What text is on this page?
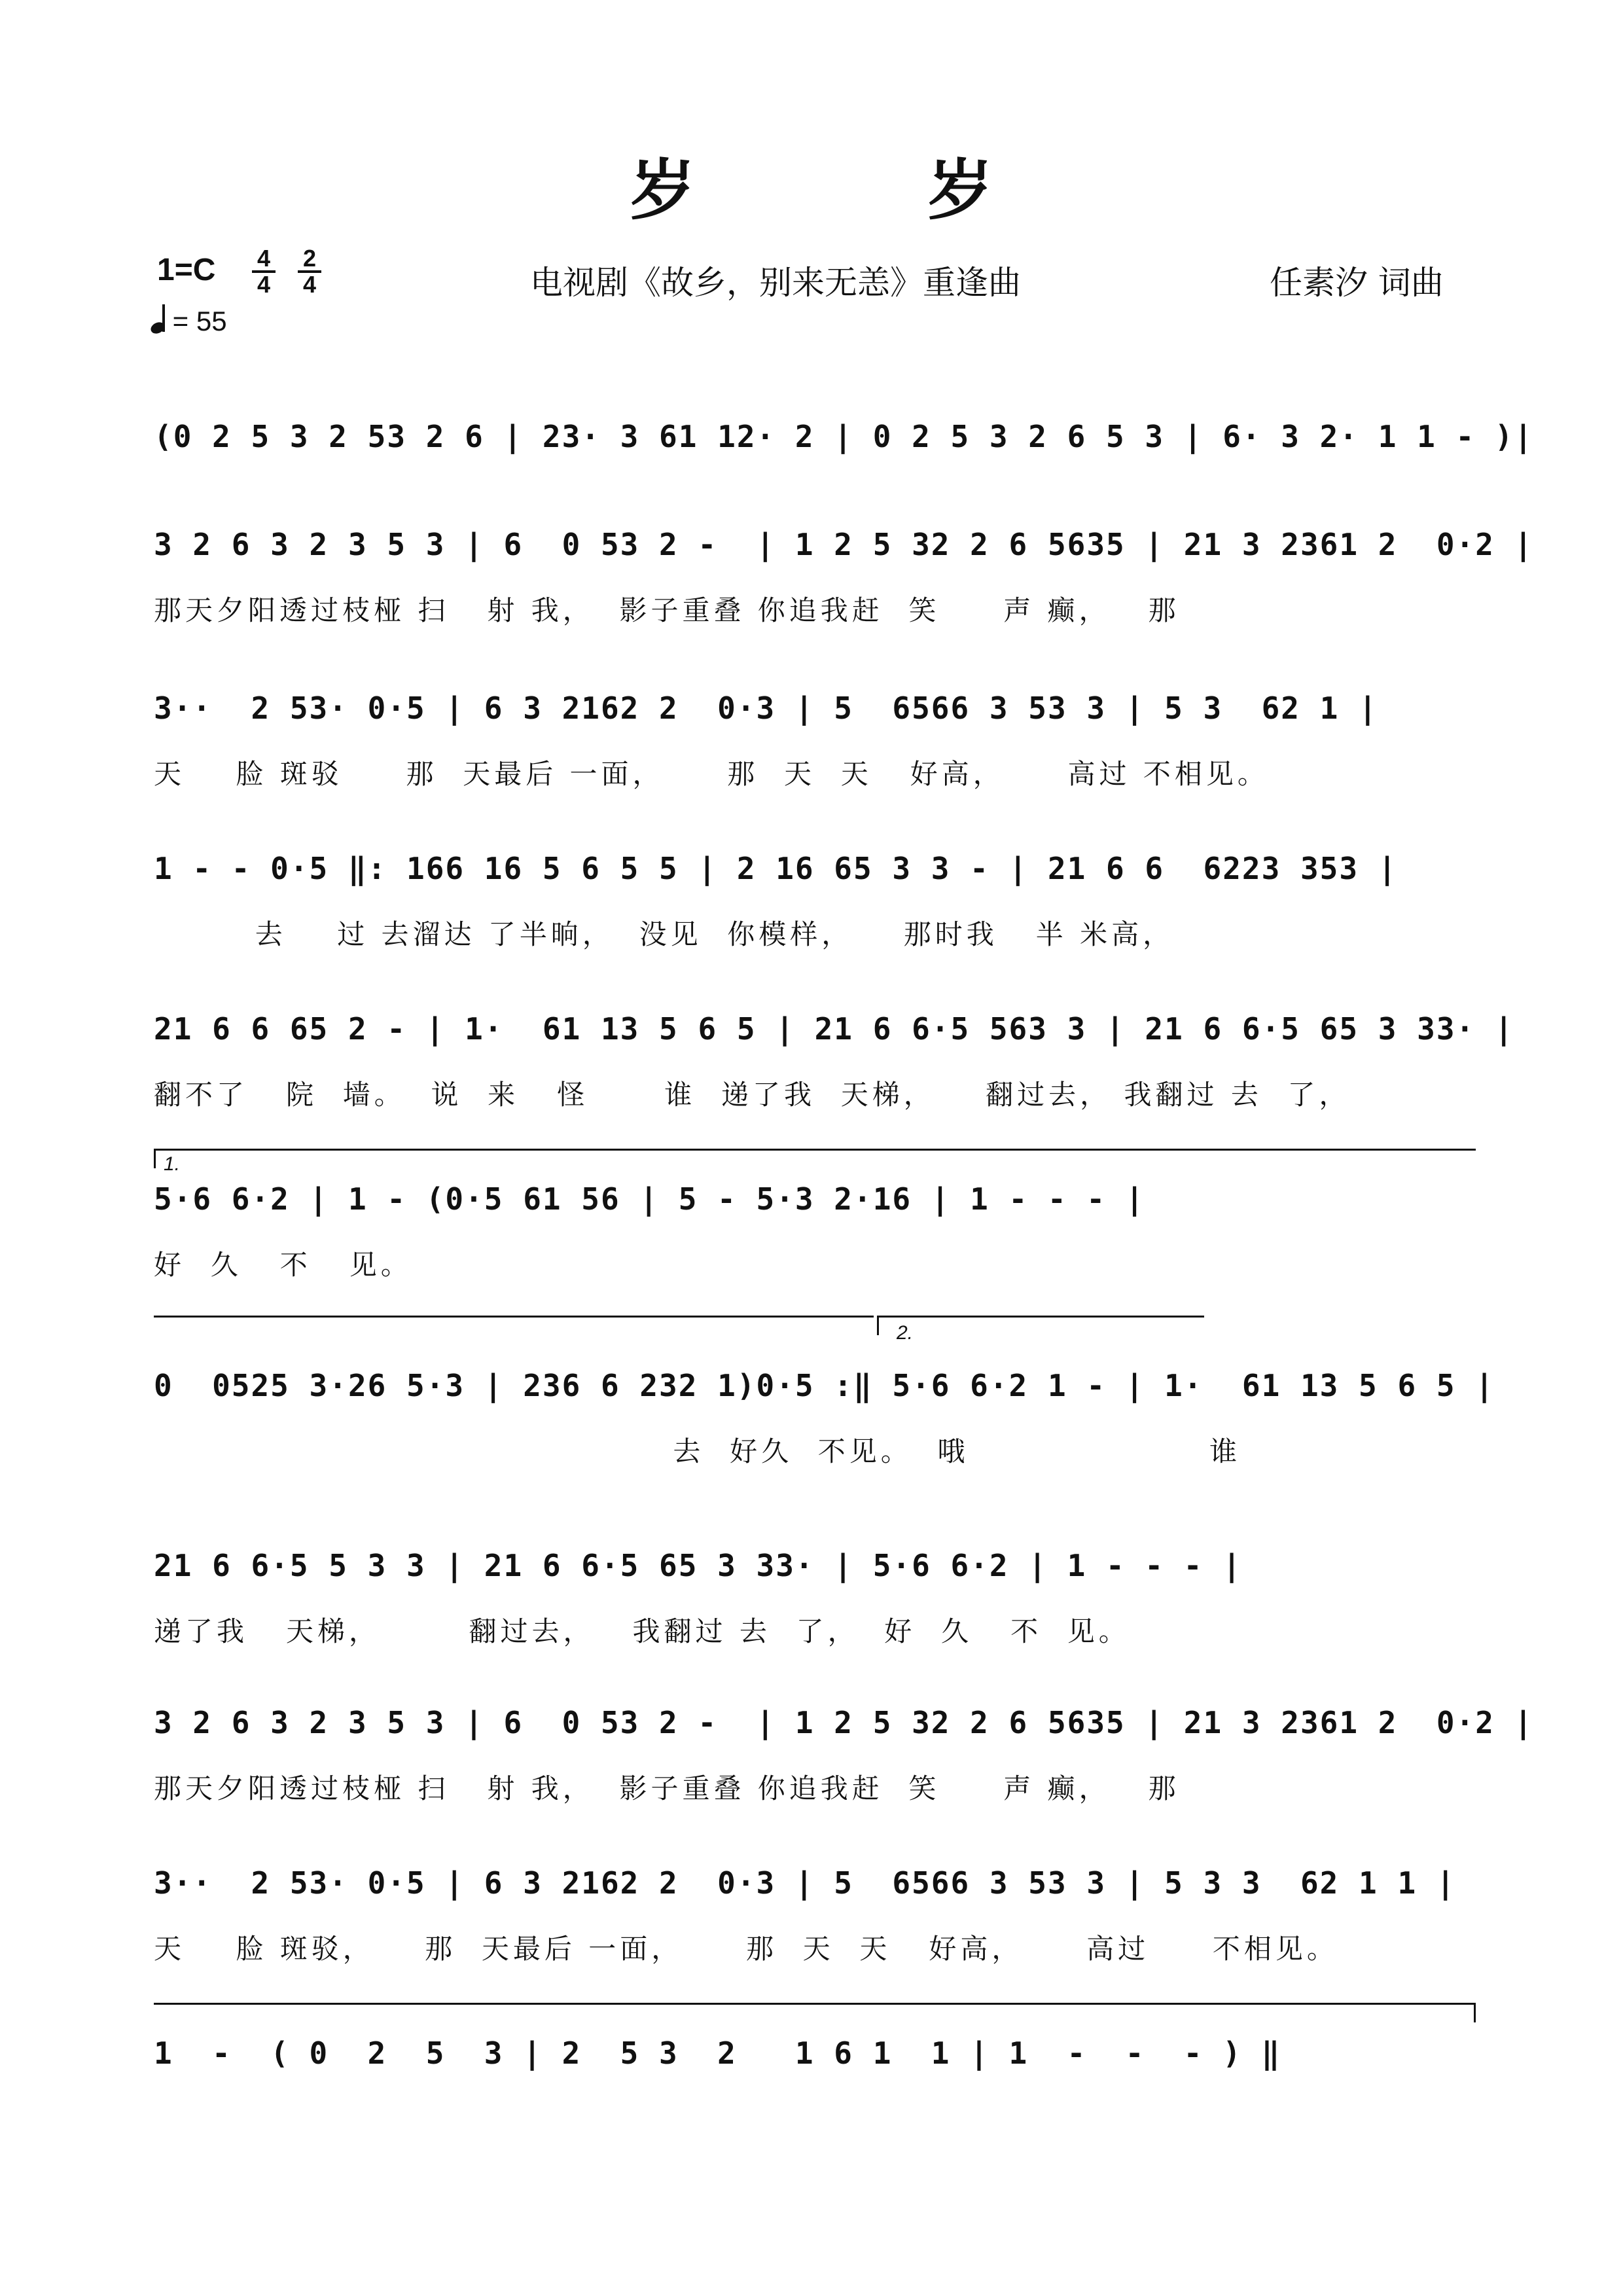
岁 岁
1=C 4
4
2
4
= 55
电视剧《故乡，别来无恙》重逢曲	任素汐 词曲
(0 2 5 3 2 53 2 6 | 23· 3 61 12· 2 | 0 2 5 3 2 6 5 3 | 6· 3 2· 1 1 - )|
3 2 6 3 2 3 5 3 | 6  0 53 2 -  | 1 2 5 32 2 6 5635 | 21 3 2361 2  0·2 |
那天夕阳透过枝桠 扫   射 我，  影子重叠 你追我赶  笑     声 癫，   那
3··  2 53· 0·5 | 6 3 2162 2  0·3 | 5  6566 3 53 3 | 5 3  62 1 |
天    脸 斑驳     那  天最后 一面，     那  天  天   好高，     高过 不相见。
1 - - 0·5 ‖: 166 16 5 6 5 5 | 2 16 65 3 3 - | 21 6 6  6223 353 |
去    过 去溜达 了半晌，  没见  你模样，    那时我   半 米高，
21 6 6 65 2 - | 1·  61 13 5 6 5 | 21 6 6·5 563 3 | 21 6 6·5 65 3 33· |
翻不了   院  墙。  说  来   怪      谁  递了我  天梯，    翻过去， 我翻过 去  了，
1.
5·6 6·2 | 1 - (0·5 61 56 | 5 - 5·3 2·16 | 1 - - - |
好  久   不   见。
2.
0  0525 3·26 5·3 | 236 6 232 1)0·5 :‖ 5·6 6·2 1 - | 1·  61 13 5 6 5 |
去  好久  不见。  哦                   谁
21 6 6·5 5 3 3 | 21 6 6·5 65 3 33· | 5·6 6·2 | 1 - - - |
递了我   天梯，       翻过去，   我翻过 去  了，  好  久   不  见。
3 2 6 3 2 3 5 3 | 6  0 53 2 -  | 1 2 5 32 2 6 5635 | 21 3 2361 2  0·2 |
那天夕阳透过枝桠 扫   射 我，  影子重叠 你追我赶  笑     声 癫，   那
3··  2 53· 0·5 | 6 3 2162 2  0·3 | 5  6566 3 53 3 | 5 3 3  62 1 1 |
天    脸 斑驳，    那  天最后 一面，     那  天  天   好高，     高过     不相见。
1  -  ( 0  2  5  3 | 2  5 3  2   1 6 1  1 | 1  -  -  - ) ‖
